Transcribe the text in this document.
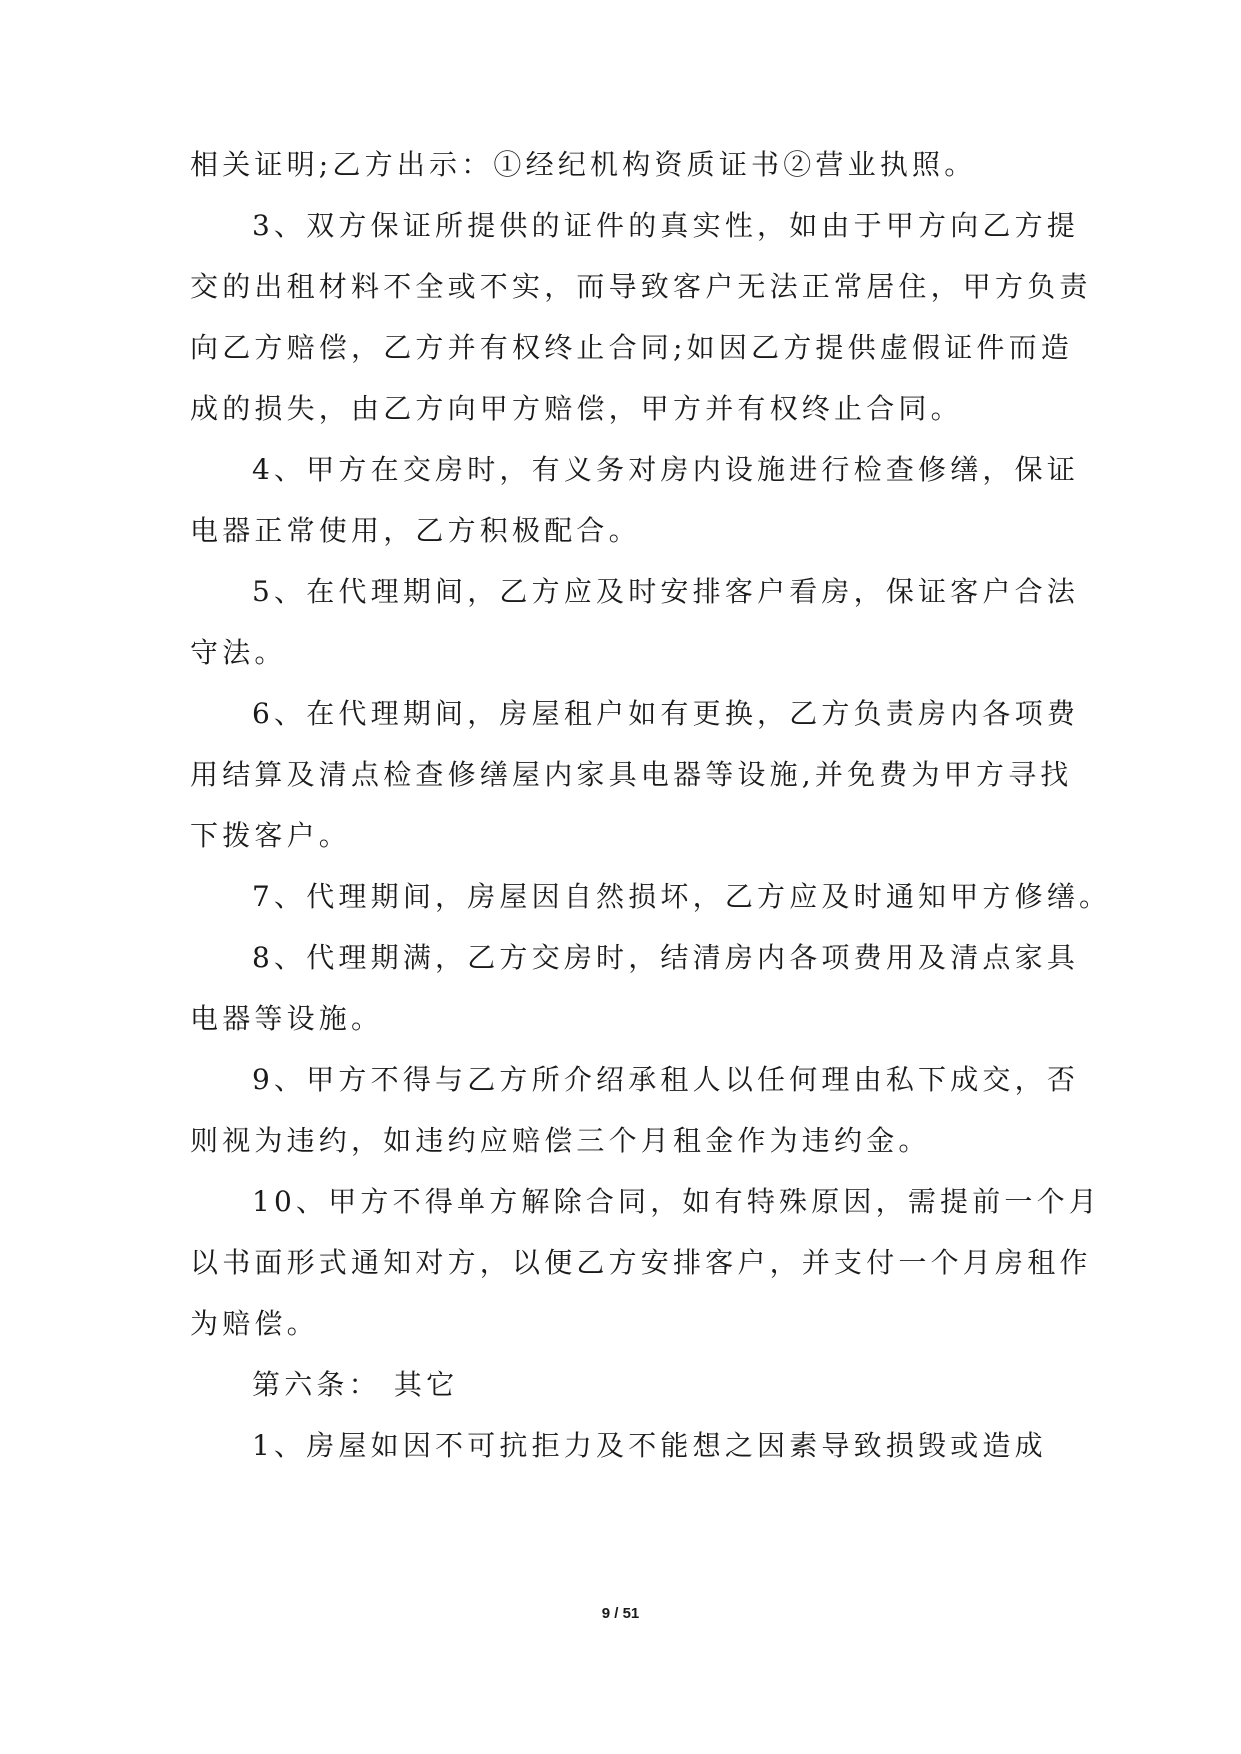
相关证明;乙方出示：①经纪机构资质证书②营业执照。
3、双方保证所提供的证件的真实性，如由于甲方向乙方提
交的出租材料不全或不实，而导致客户无法正常居住，甲方负责
向乙方赔偿，乙方并有权终止合同;如因乙方提供虚假证件而造
成的损失，由乙方向甲方赔偿，甲方并有权终止合同。
4、甲方在交房时，有义务对房内设施进行检查修缮，保证
电器正常使用，乙方积极配合。
5、在代理期间，乙方应及时安排客户看房，保证客户合法
守法。
6、在代理期间，房屋租户如有更换，乙方负责房内各项费
用结算及清点检查修缮屋内家具电器等设施,并免费为甲方寻找
下拨客户。
7、代理期间，房屋因自然损坏，乙方应及时通知甲方修缮。
8、代理期满，乙方交房时，结清房内各项费用及清点家具
电器等设施。
9、甲方不得与乙方所介绍承租人以任何理由私下成交，否
则视为违约，如违约应赔偿三个月租金作为违约金。
10、甲方不得单方解除合同，如有特殊原因，需提前一个月
以书面形式通知对方，以便乙方安排客户，并支付一个月房租作
为赔偿。
第六条： 其它
1、房屋如因不可抗拒力及不能想之因素导致损毁或造成
9 / 51
